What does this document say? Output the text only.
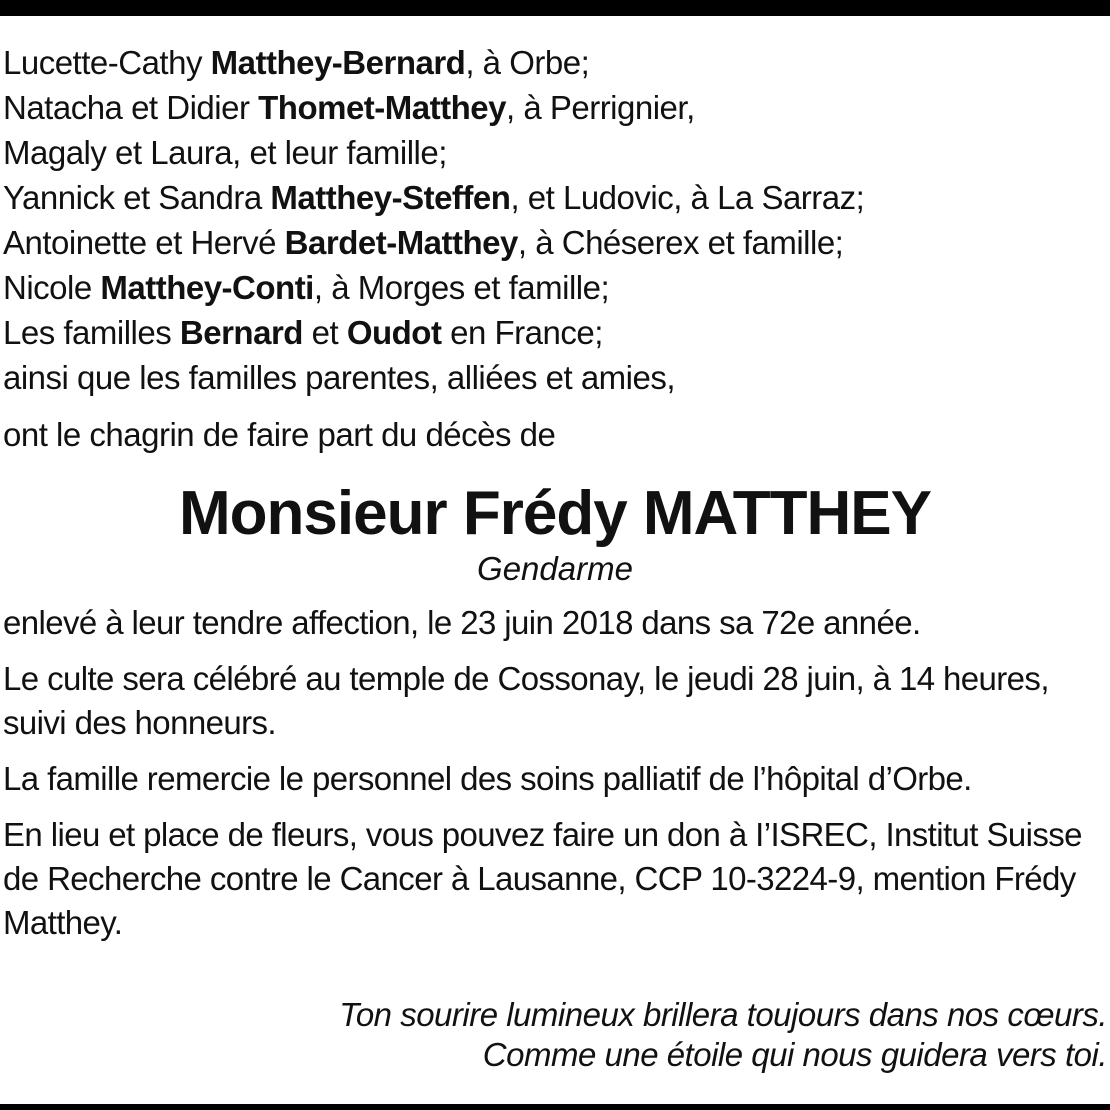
Lucette-Cathy Matthey-Bernard, à Orbe;
Natacha et Didier Thomet-Matthey, à Perrignier,
Magaly et Laura, et leur famille;
Yannick et Sandra Matthey-Steffen, et Ludovic, à La Sarraz;
Antoinette et Hervé Bardet-Matthey, à Chéserex et famille;
Nicole Matthey-Conti, à Morges et famille;
Les familles Bernard et Oudot en France;
ainsi que les familles parentes, alliées et amies,
ont le chagrin de faire part du décès de
Monsieur Frédy MATTHEY
Gendarme
enlevé à leur tendre affection, le 23 juin 2018 dans sa 72e année.
Le culte sera célébré au temple de Cossonay, le jeudi 28 juin, à 14 heures, suivi des honneurs.
La famille remercie le personnel des soins palliatif de l’hôpital d’Orbe.
En lieu et place de fleurs, vous pouvez faire un don à I’ISREC, Institut Suisse de Recherche contre le Cancer à Lausanne, CCP 10-3224-9, mention Frédy Matthey.
Ton sourire lumineux brillera toujours dans nos cœurs.
Comme une étoile qui nous guidera vers toi.
